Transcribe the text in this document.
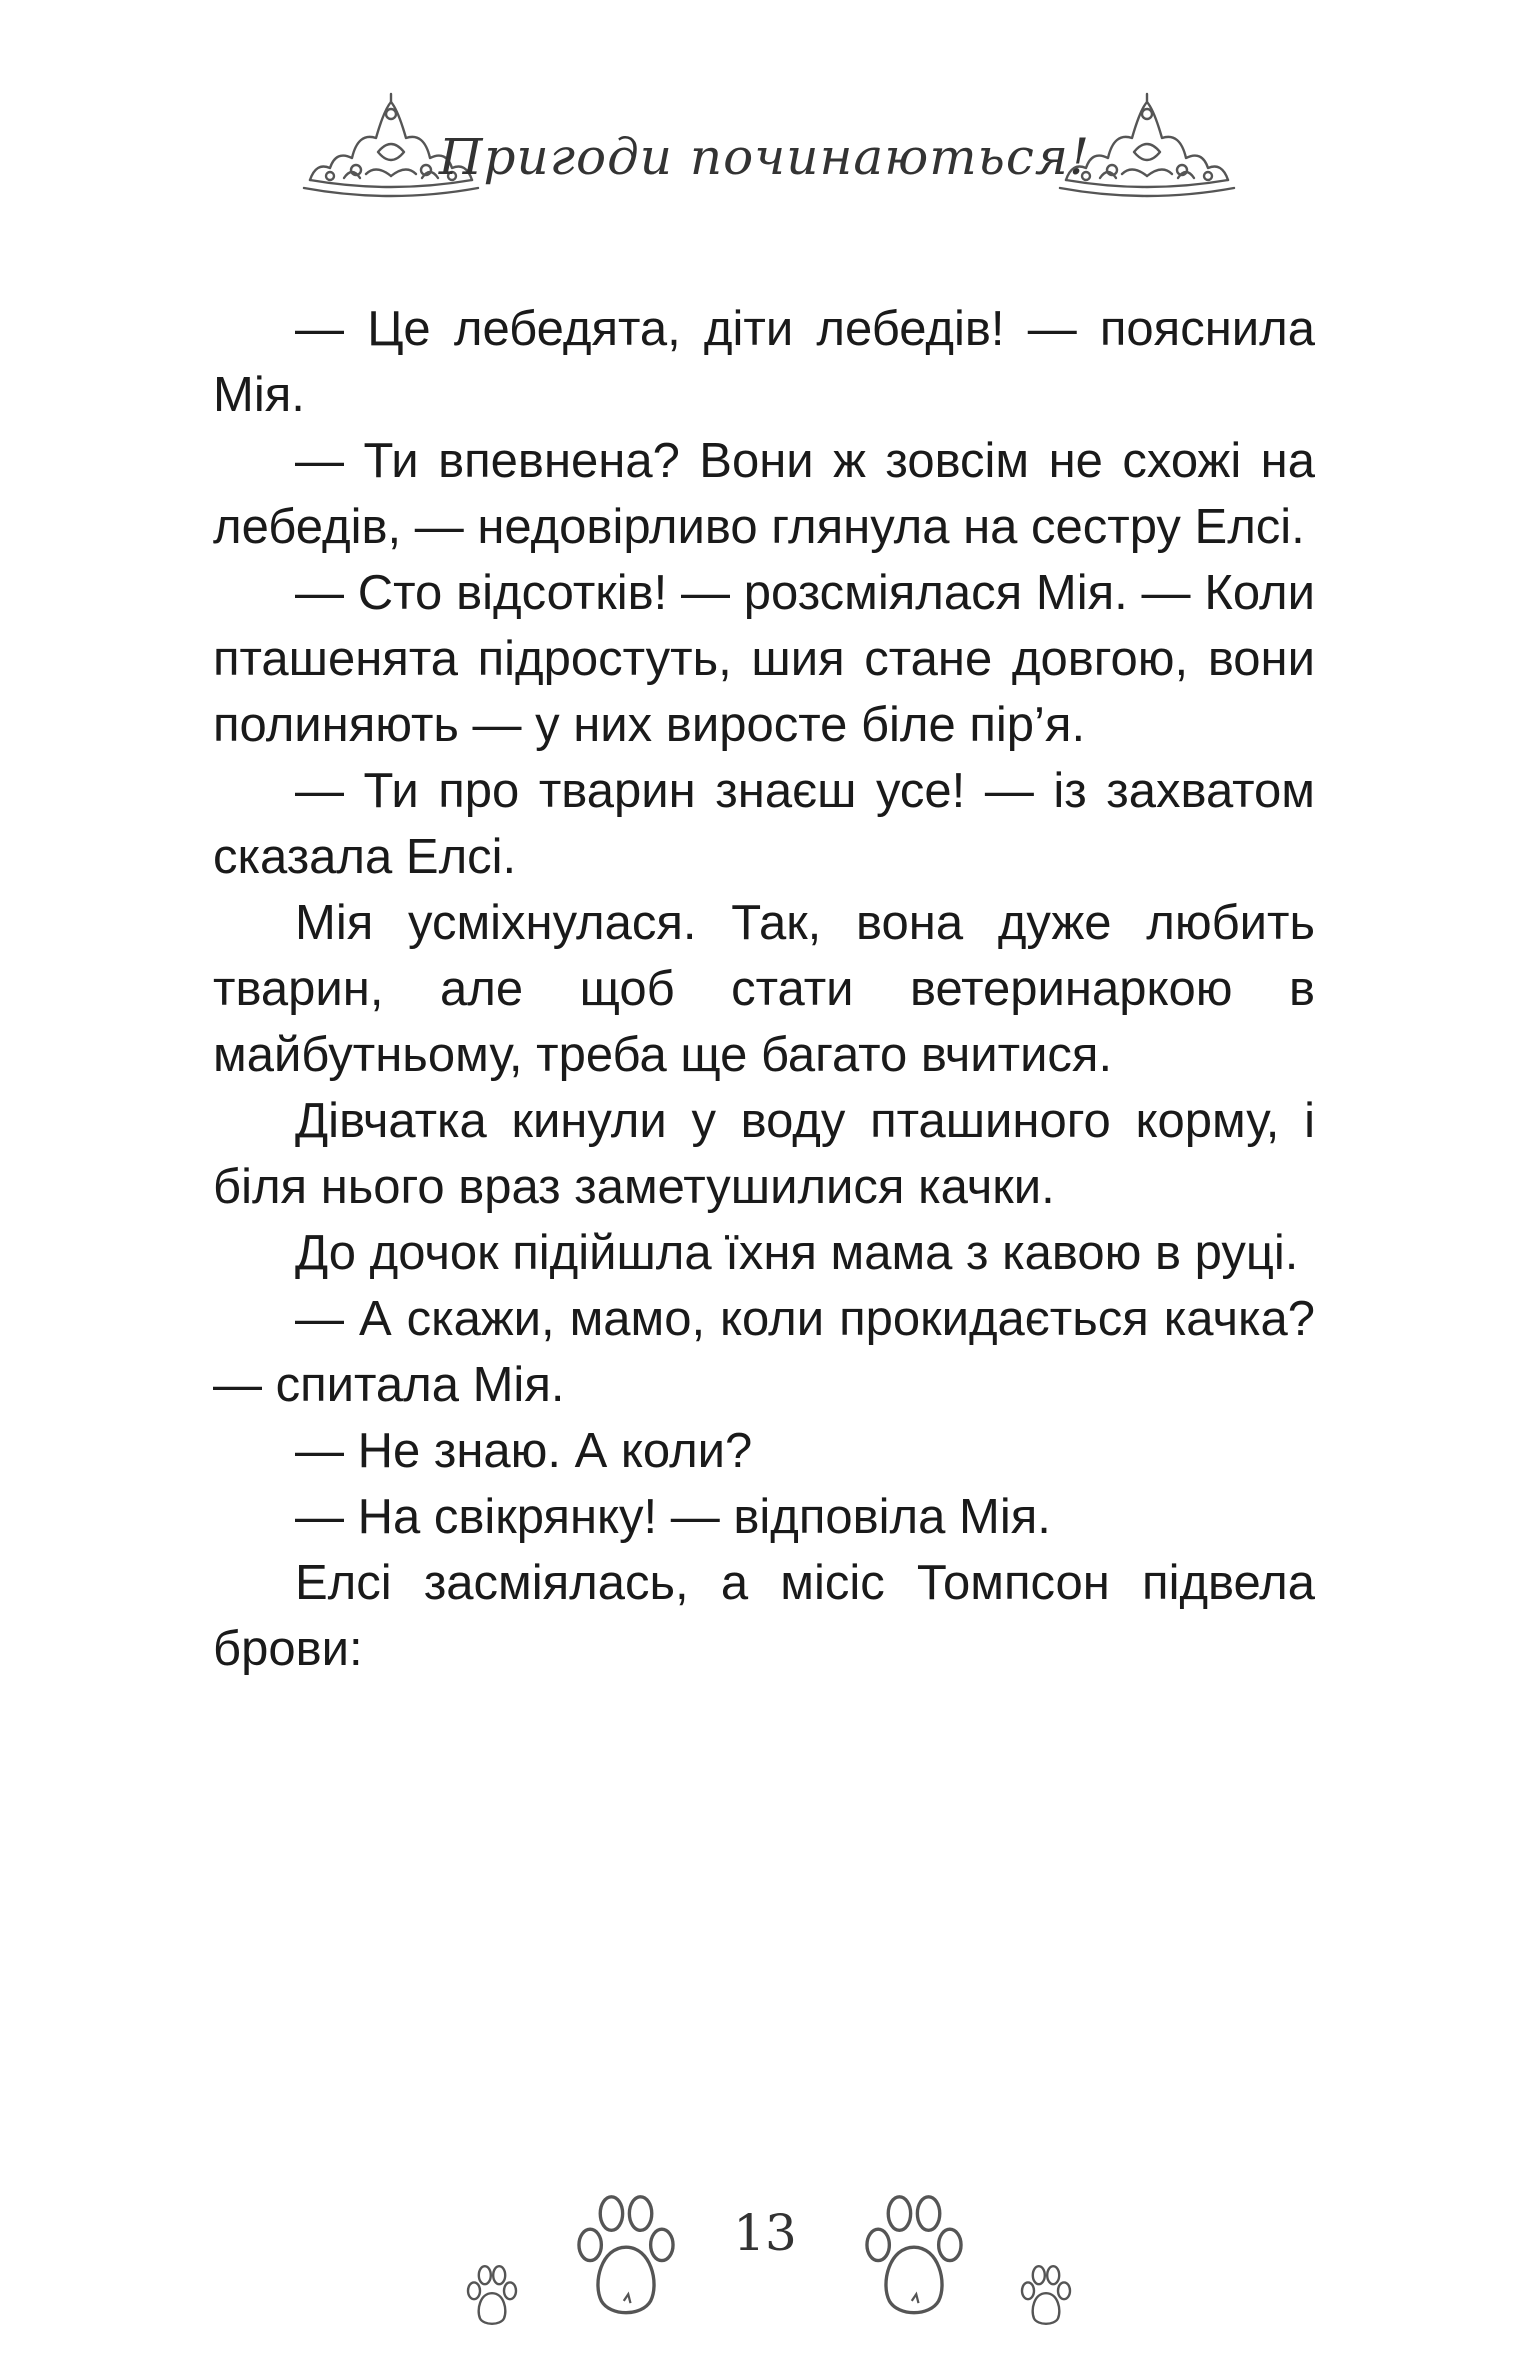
Пригоди починаються!

— Це лебедята, діти лебедів! — пояснила Мія.

— Ти впевнена? Вони ж зовсім не схожі на лебедів, — недовірливо глянула на сестру Елсі.

— Сто відсотків! — розсміялася Мія. — Коли пташенята підростуть, шия стане довгою, вони полиняють — у них виросте біле пір’я.

— Ти про тварин знаєш усе! — із захватом сказала Елсі.

Мія усміхнулася. Так, вона дуже любить тварин, але щоб стати ветеринаркою в майбутньому, треба ще багато вчитися.

Дівчатка кинули у воду пташиного корму, і біля нього враз заметушилися качки.

До дочок підійшла їхня мама з кавою в руці.

— А скажи, мамо, коли прокидається качка? — спитала Мія.

— Не знаю. А коли?

— На свікрянку! — відповіла Мія.

Елсі засміялась, а місіс Томпсон підвела брови:

13
